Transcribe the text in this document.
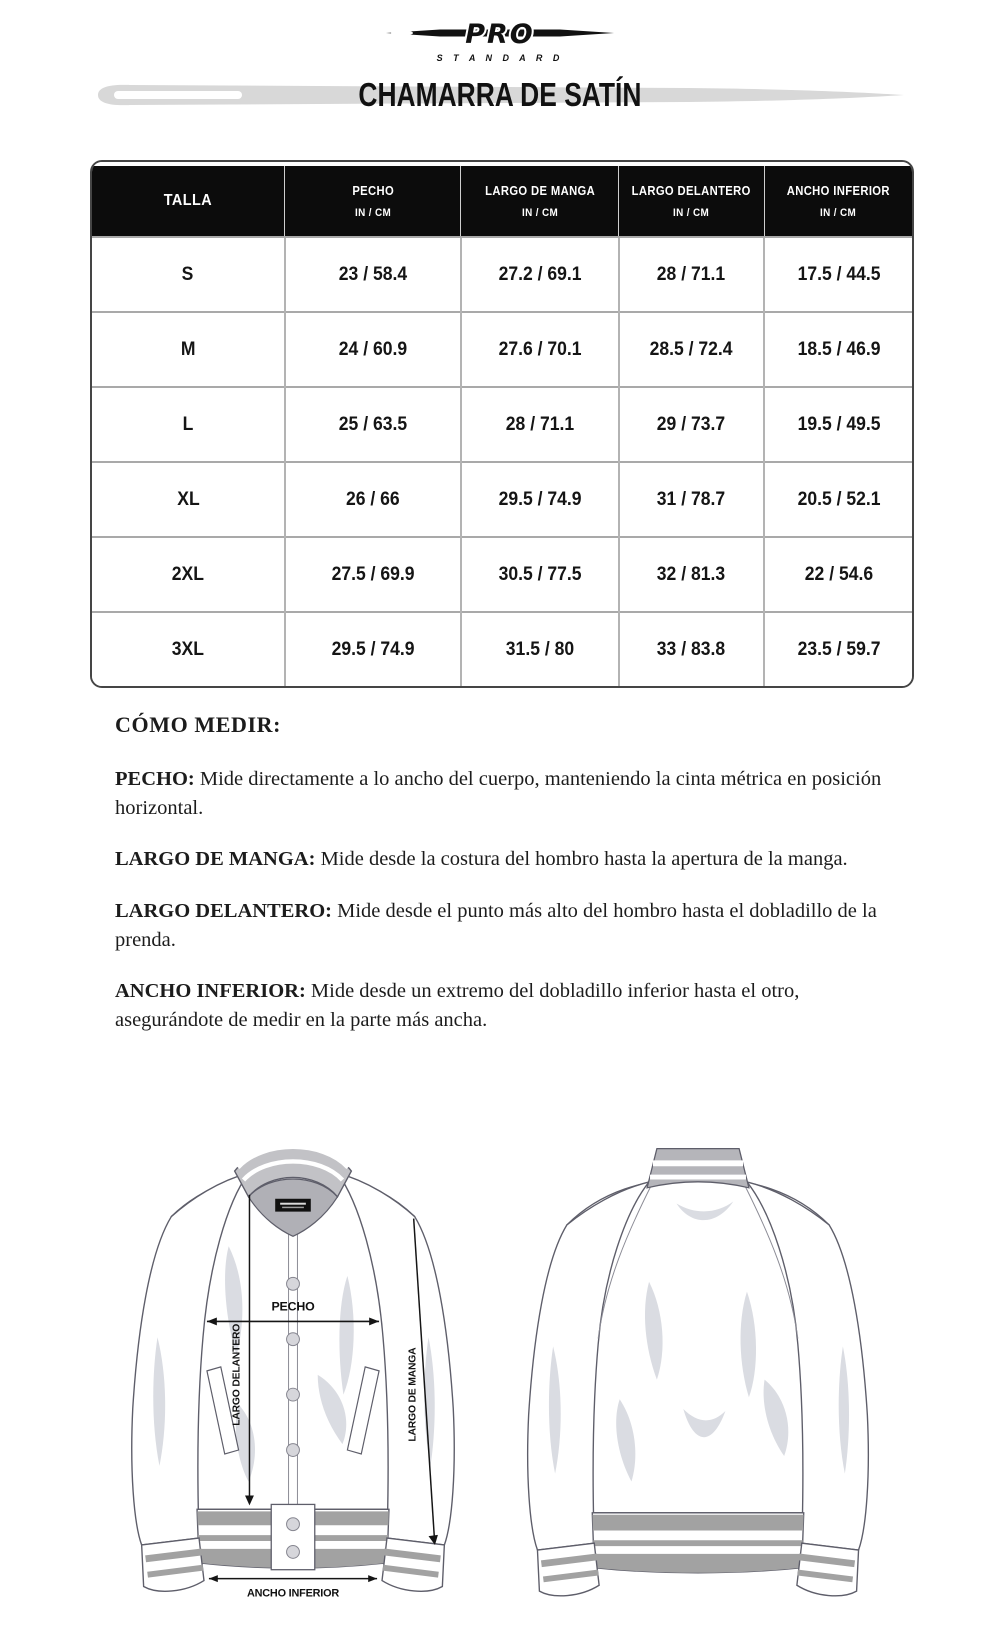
PRO
S T A N D A R D
CHAMARRA DE SATÍN
TALLA	
PECHO
IN / CM

LARGO DE MANGA
IN / CM

LARGO DELANTERO
IN / CM

ANCHO INFERIOR
IN / CM

S	23 / 58.4	27.2 / 69.1	28 / 71.1	17.5 / 44.5
M	24 / 60.9	27.6 / 70.1	28.5 / 72.4	18.5 / 46.9
L	25 / 63.5	28 / 71.1	29 / 73.7	19.5 / 49.5
XL	26 / 66	29.5 / 74.9	31 / 78.7	20.5 / 52.1
2XL	27.5 / 69.9	30.5 / 77.5	32 / 81.3	22 / 54.6
3XL	29.5 / 74.9	31.5 / 80	33 / 83.8	23.5 / 59.7
CÓMO MEDIR:

PECHO: Mide directamente a lo ancho del cuerpo, manteniendo la cinta métrica en posición horizontal.

LARGO DE MANGA: Mide desde la costura del hombro hasta la apertura de la manga.

LARGO DELANTERO: Mide desde el punto más alto del hombro hasta el dobladillo de la prenda.

ANCHO INFERIOR: Mide desde un extremo del dobladillo inferior hasta el otro, asegurándote de medir en la parte más ancha.

PECHO
LARGO DELANTERO	LARGO DE MANGA
ANCHO INFERIOR
